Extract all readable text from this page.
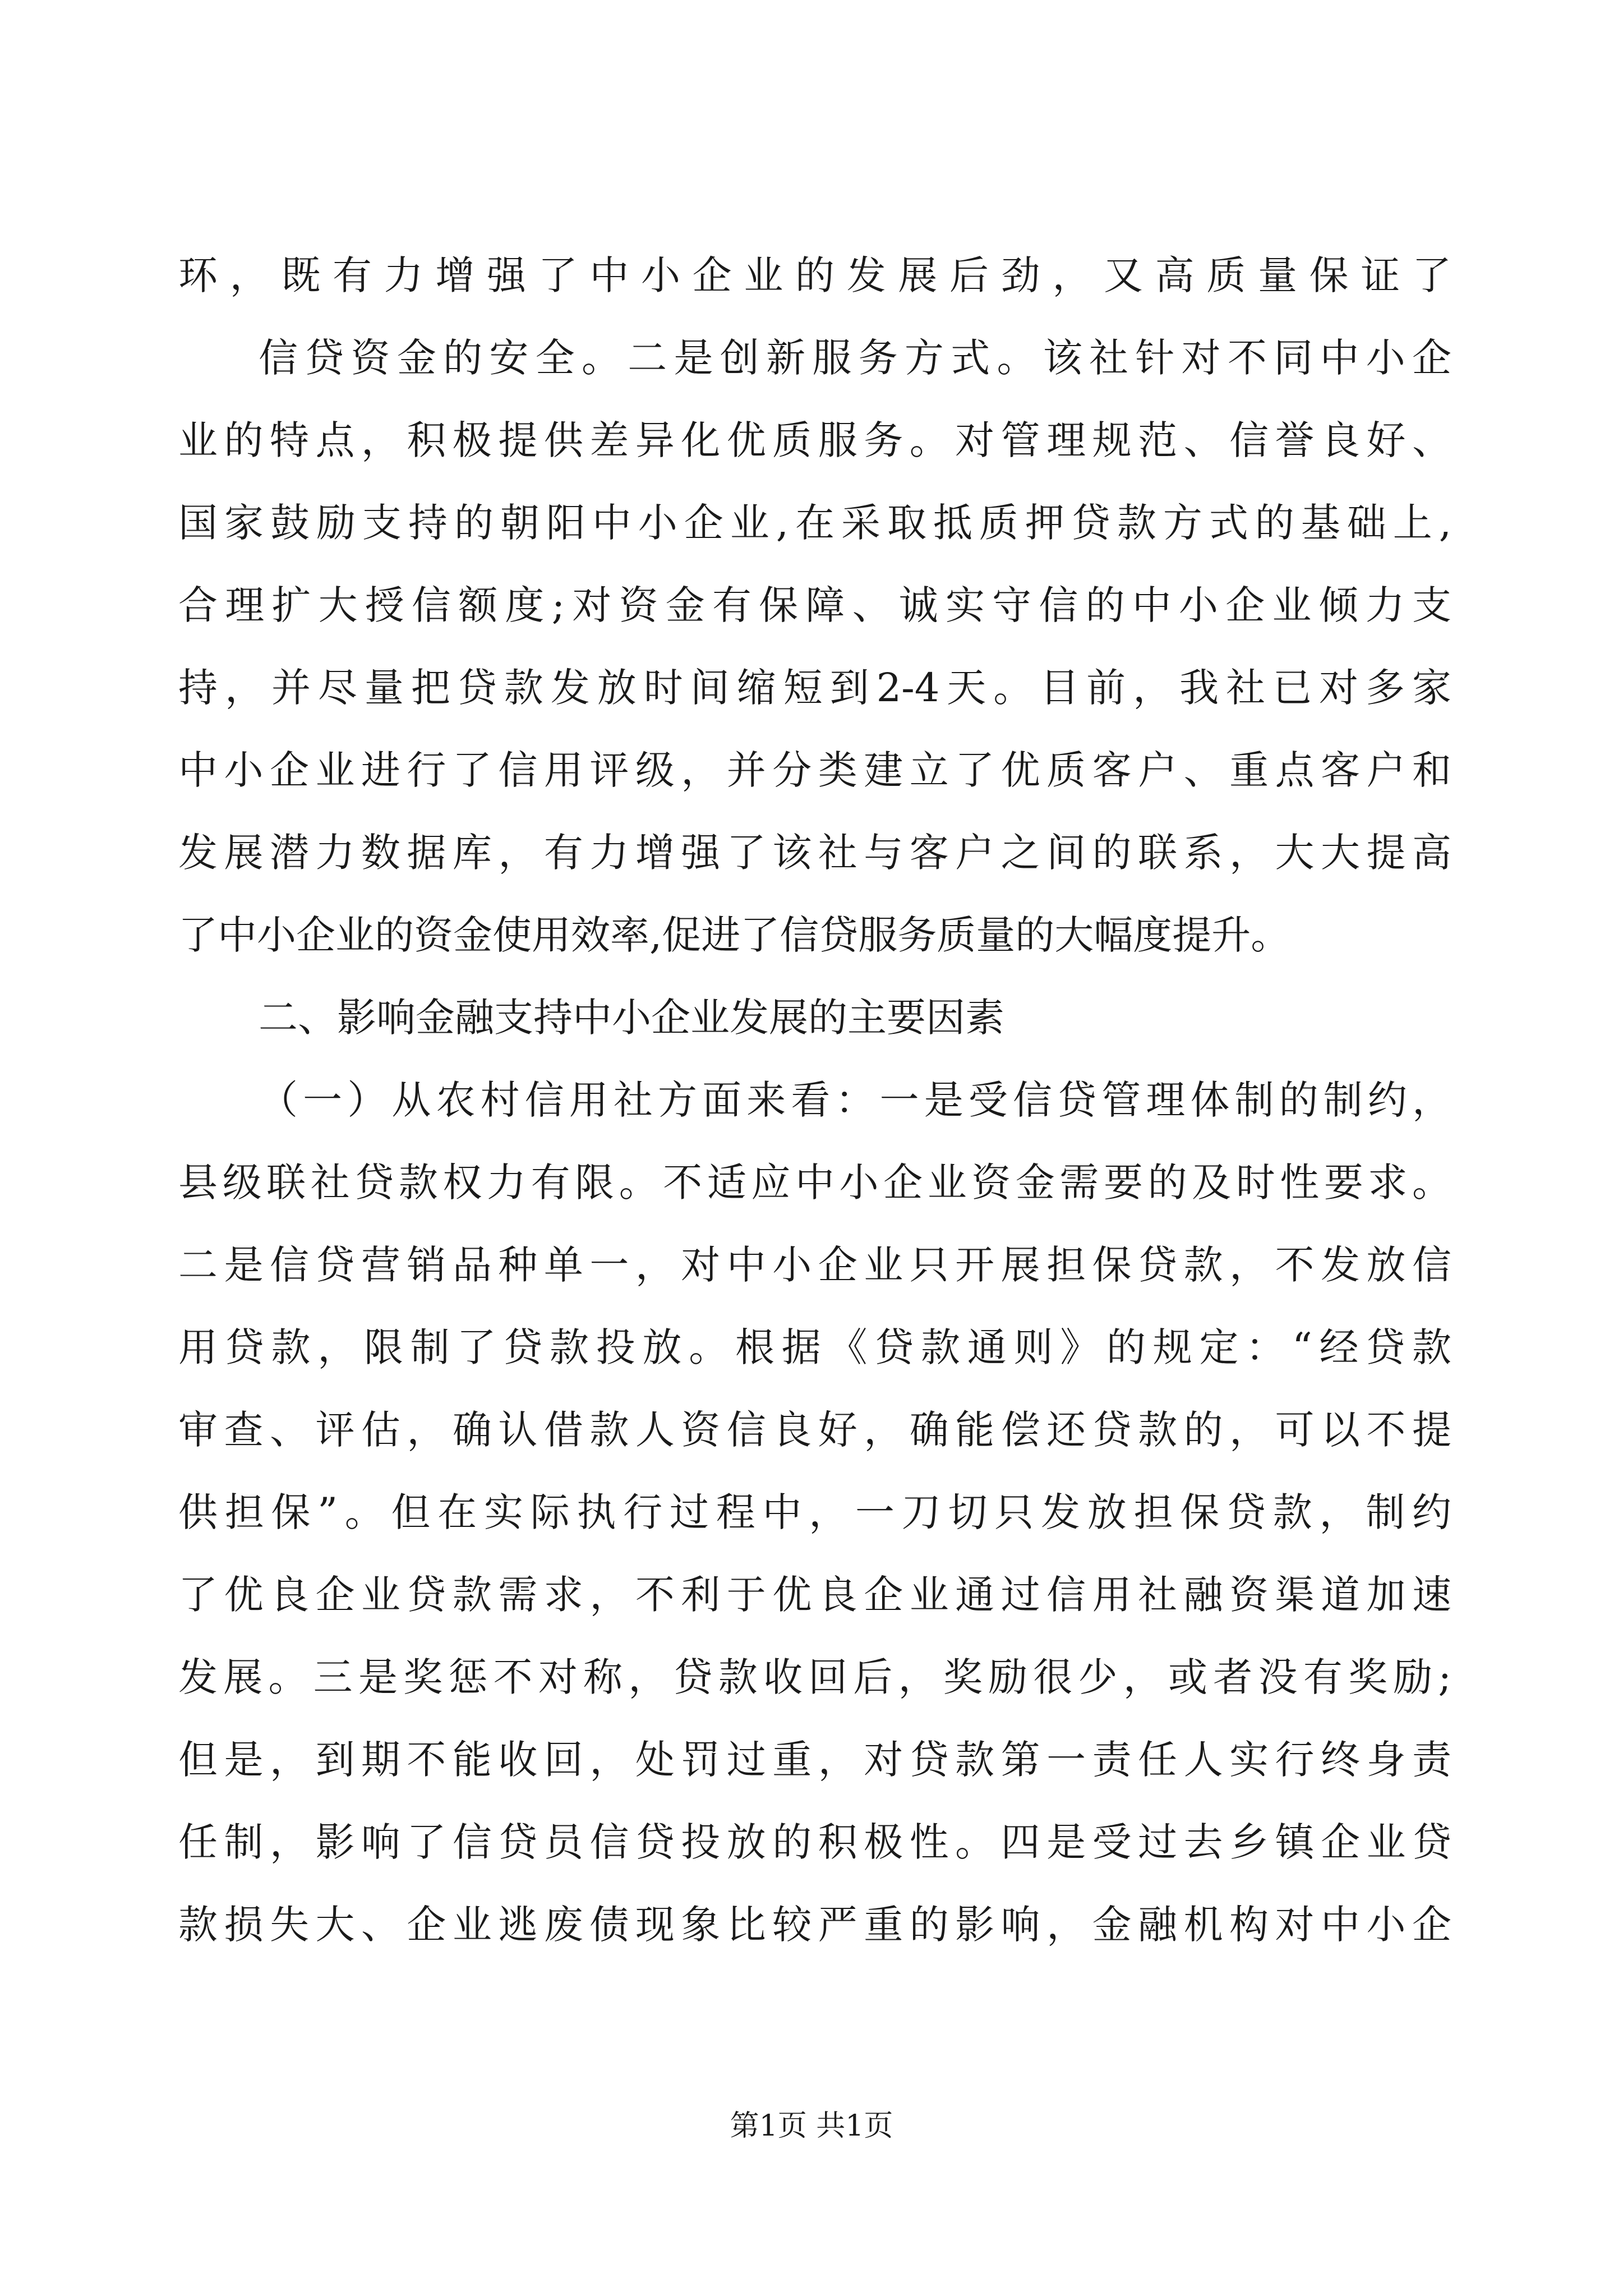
环，既有力增强了中小企业的发展后劲，又高质量保证了
信贷资金的安全。二是创新服务方式。该社针对不同中小企
业的特点，积极提供差异化优质服务。对管理规范、信誉良好、
国家鼓励支持的朝阳中小企业,在采取抵质押贷款方式的基础上,
合理扩大授信额度;对资金有保障、诚实守信的中小企业倾力支
持，并尽量把贷款发放时间缩短到2-4天。目前，我社已对多家
中小企业进行了信用评级，并分类建立了优质客户、重点客户和
发展潜力数据库，有力增强了该社与客户之间的联系，大大提高
了中小企业的资金使用效率,促进了信贷服务质量的大幅度提升。
二、影响金融支持中小企业发展的主要因素
（一）从农村信用社方面来看：一是受信贷管理体制的制约，
县级联社贷款权力有限。不适应中小企业资金需要的及时性要求。
二是信贷营销品种单一，对中小企业只开展担保贷款，不发放信
用贷款，限制了贷款投放。根据《贷款通则》的规定：“经贷款
审查、评估，确认借款人资信良好，确能偿还贷款的，可以不提
供担保”。但在实际执行过程中，一刀切只发放担保贷款，制约
了优良企业贷款需求，不利于优良企业通过信用社融资渠道加速
发展。三是奖惩不对称，贷款收回后，奖励很少，或者没有奖励;
但是，到期不能收回，处罚过重，对贷款第一责任人实行终身责
任制，影响了信贷员信贷投放的积极性。四是受过去乡镇企业贷
款损失大、企业逃废债现象比较严重的影响，金融机构对中小企
第1页 共1页
